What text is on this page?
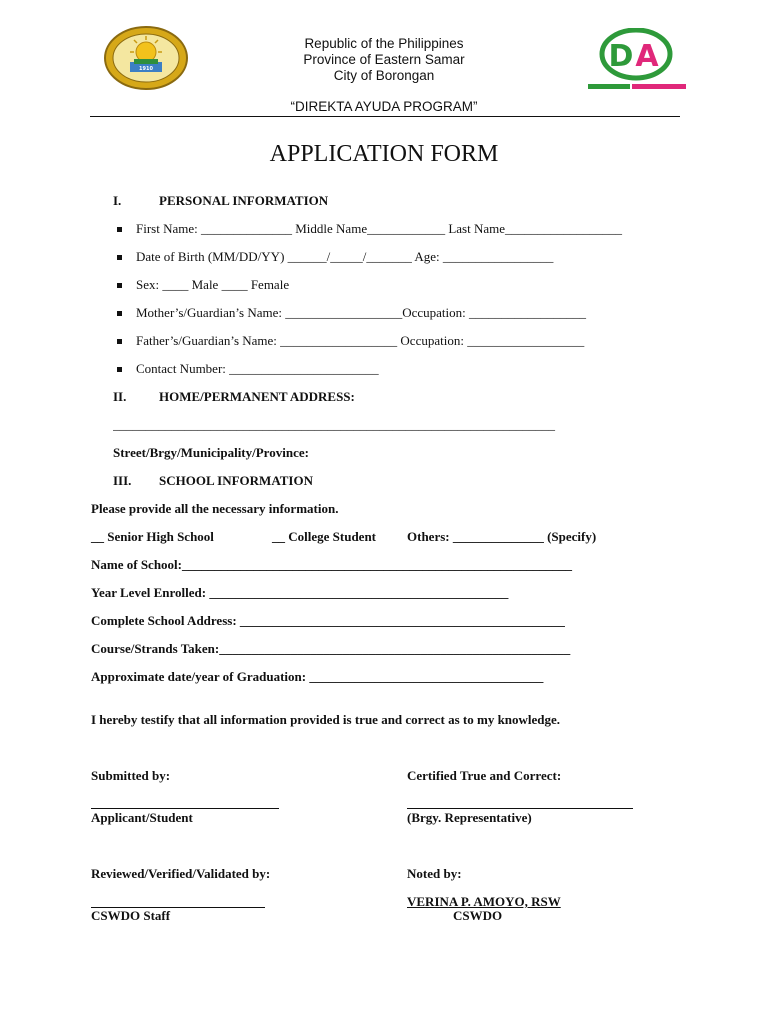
1910	D A
Republic of the Philippines
Province of Eastern Samar
City of Borongan
“DIREKTA AYUDA PROGRAM”
APPLICATION FORM
I.	PERSONAL INFORMATION
First Name: ______________ Middle Name____________ Last Name__________________
Date of Birth (MM/DD/YY) ______/_____/_______ Age: _________________
Sex: ____ Male ____ Female
Mother’s/Guardian’s Name: __________________Occupation: __________________
Father’s/Guardian’s Name: __________________ Occupation: __________________
Contact Number: _______________________
II.	HOME/PERMANENT ADDRESS:
____________________________________________________________________
Street/Brgy/Municipality/Province:
III. SCHOOL INFORMATION
Please provide all the necessary information.
__ Senior High School	__ College Student Others: ______________ (Specify)
Name of School:____________________________________________________________
Year Level Enrolled: ______________________________________________
Complete School Address: __________________________________________________
Course/Strands Taken:______________________________________________________
Approximate date/year of Graduation: ____________________________________
I hereby testify that all information provided is true and correct as to my knowledge.
Submitted by:	Certified True and Correct:
Applicant/Student	(Brgy. Representative)
Reviewed/Verified/Validated by:	Noted by:
VERINA P. AMOYO, RSW
CSWDO Staff	CSWDO
